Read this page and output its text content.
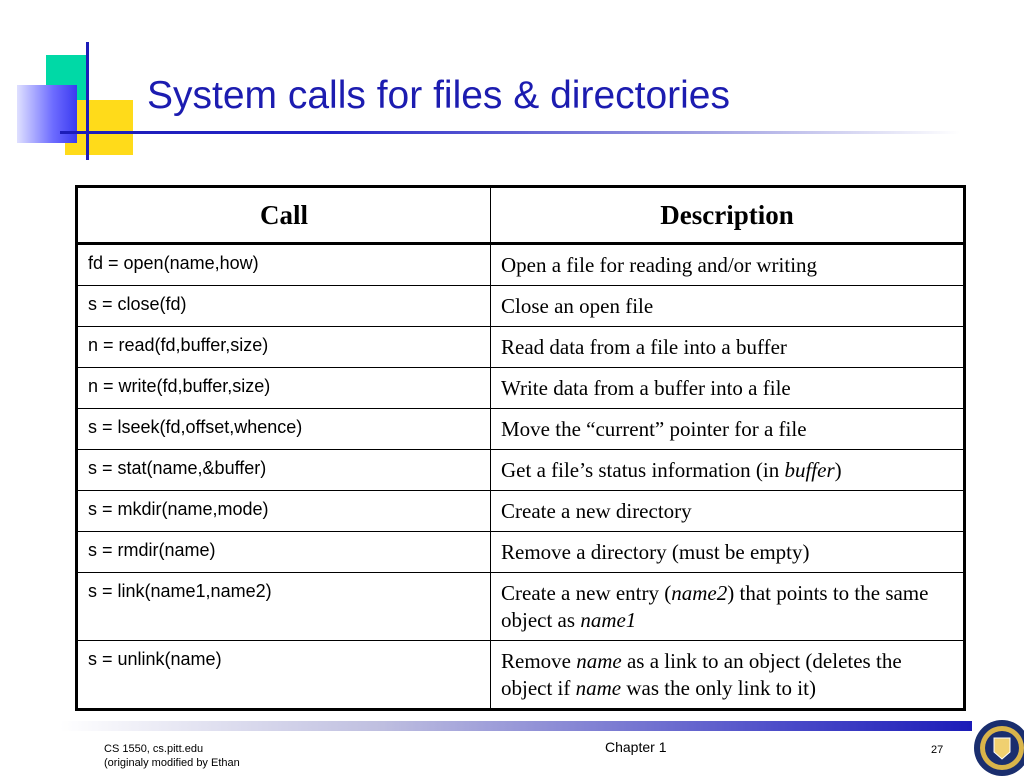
System calls for files & directories
Call	Description
fd = open(name,how)	Open a file for reading and/or writing
s = close(fd)	Close an open file
n = read(fd,buffer,size)	Read data from a file into a buffer
n = write(fd,buffer,size)	Write data from a buffer into a file
s = lseek(fd,offset,whence)	Move the “current” pointer for a file
s = stat(name,&buffer)	Get a file’s status information (in buffer)
s = mkdir(name,mode)	Create a new directory
s = rmdir(name)	Remove a directory (must be empty)
s = link(name1,name2)	Create a new entry (name2) that points to the same object as name1
s = unlink(name)	Remove name as a link to an object (deletes the object if name was the only link to it)
CS 1550, cs.pitt.edu
(originaly modified by Ethan
Chapter 1	27
